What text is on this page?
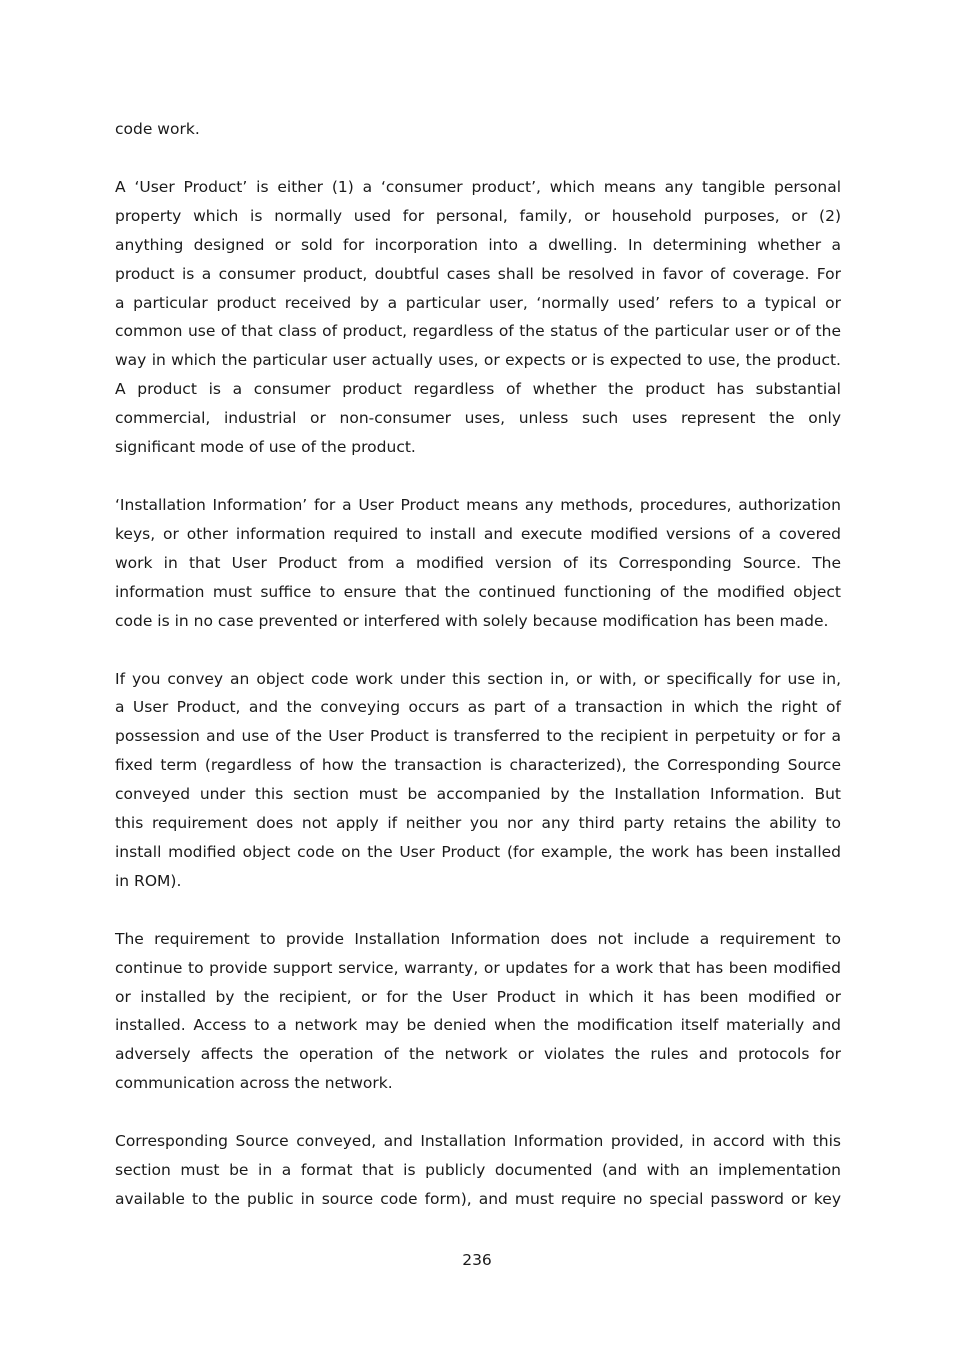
code work.

A ‘User Product’ is either (1) a ‘consumer product’, which means any tangible personal
property which is normally used for personal, family, or household purposes, or (2)
anything designed or sold for incorporation into a dwelling. In determining whether a
product is a consumer product, doubtful cases shall be resolved in favor of coverage. For
a particular product received by a particular user, ‘normally used’ refers to a typical or
common use of that class of product, regardless of the status of the particular user or of the
way in which the particular user actually uses, or expects or is expected to use, the product.
A product is a consumer product regardless of whether the product has substantial
commercial, industrial or non-consumer uses, unless such uses represent the only
significant mode of use of the product.

‘Installation Information’ for a User Product means any methods, procedures, authorization
keys, or other information required to install and execute modified versions of a covered
work in that User Product from a modified version of its Corresponding Source. The
information must suffice to ensure that the continued functioning of the modified object
code is in no case prevented or interfered with solely because modification has been made.

If you convey an object code work under this section in, or with, or specifically for use in,
a User Product, and the conveying occurs as part of a transaction in which the right of
possession and use of the User Product is transferred to the recipient in perpetuity or for a
fixed term (regardless of how the transaction is characterized), the Corresponding Source
conveyed under this section must be accompanied by the Installation Information. But
this requirement does not apply if neither you nor any third party retains the ability to
install modified object code on the User Product (for example, the work has been installed
in ROM).

The requirement to provide Installation Information does not include a requirement to
continue to provide support service, warranty, or updates for a work that has been modified
or installed by the recipient, or for the User Product in which it has been modified or
installed. Access to a network may be denied when the modification itself materially and
adversely affects the operation of the network or violates the rules and protocols for
communication across the network.

Corresponding Source conveyed, and Installation Information provided, in accord with this
section must be in a format that is publicly documented (and with an implementation
available to the public in source code form), and must require no special password or key

236
